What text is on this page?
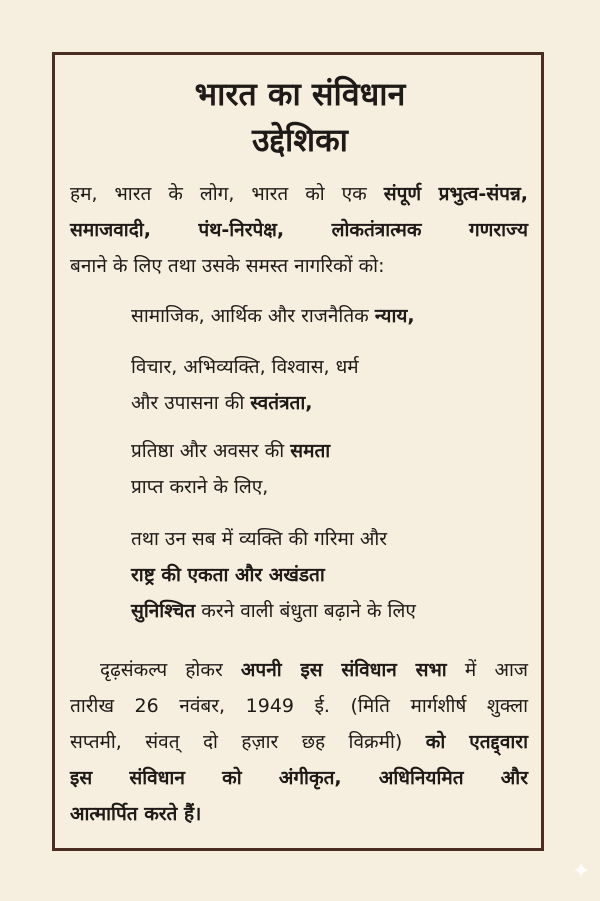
भारत का संविधान
उद्देशिका
हम, भारत के लोग, भारत को एक संपूर्ण प्रभुत्व-संपन्न,
समाजवादी, पंथ-निरपेक्ष, लोकतंत्रात्मक गणराज्य
बनाने के लिए तथा उसके समस्त नागरिकों को:
सामाजिक, आर्थिक और राजनैतिक न्याय,
विचार, अभिव्यक्ति, विश्वास, धर्म
और उपासना की स्वतंत्रता,
प्रतिष्ठा और अवसर की समता
प्राप्त कराने के लिए,
तथा उन सब में व्यक्ति की गरिमा और
राष्ट्र की एकता और अखंडता
सुनिश्चित करने वाली बंधुता बढ़ाने के लिए
दृढ़संकल्प होकर अपनी इस संविधान सभा में आज
तारीख 26 नवंबर, 1949 ई. (मिति मार्गशीर्ष शुक्ला
सप्तमी, संवत् दो हज़ार छह विक्रमी) को एतद्द्वारा
इस संविधान को अंगीकृत, अधिनियमित और
आत्मार्पित करते हैं।
✦
